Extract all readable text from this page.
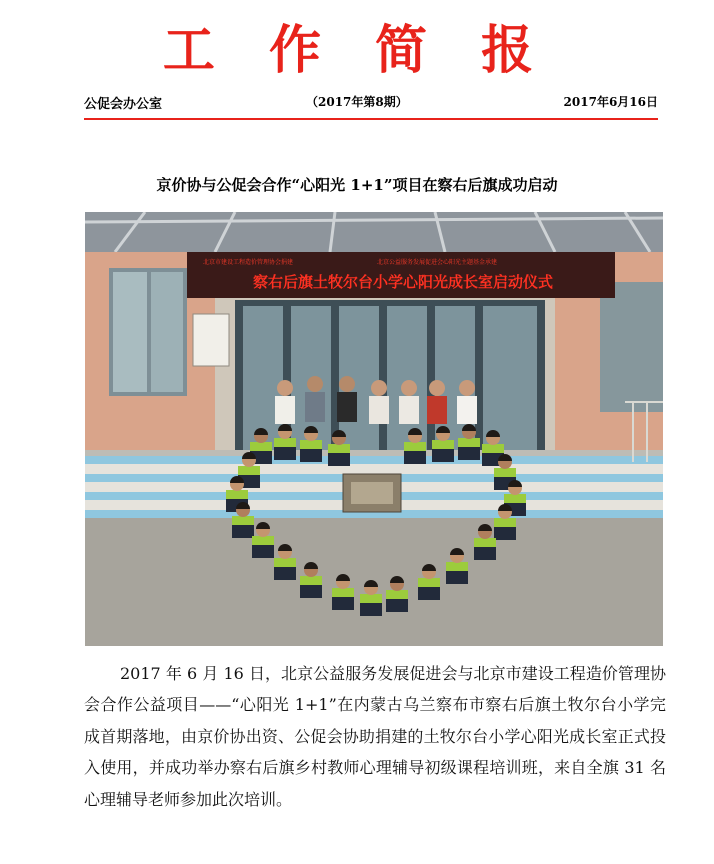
工 作 简 报
公促会办公室	（2017年第8期）	2017年6月16日
京价协与公促会合作“心阳光 1+1”项目在察右后旗成功启动
北京市建设工程造价管理协会捐建	北京公益服务发展促进会心阳光主题基金承建
察右后旗土牧尔台小学心阳光成长室启动仪式

2017 年 6 月 16 日，北京公益服务发展促进会与北京市建设工程造价管理协会合作公益项目——“心阳光 1+1”在内蒙古乌兰察布市察右后旗土牧尔台小学完成首期落地，由京价协出资、公促会协助捐建的土牧尔台小学心阳光成长室正式投入使用，并成功举办察右后旗乡村教师心理辅导初级课程培训班，来自全旗 31 名心理辅导老师参加此次培训。
